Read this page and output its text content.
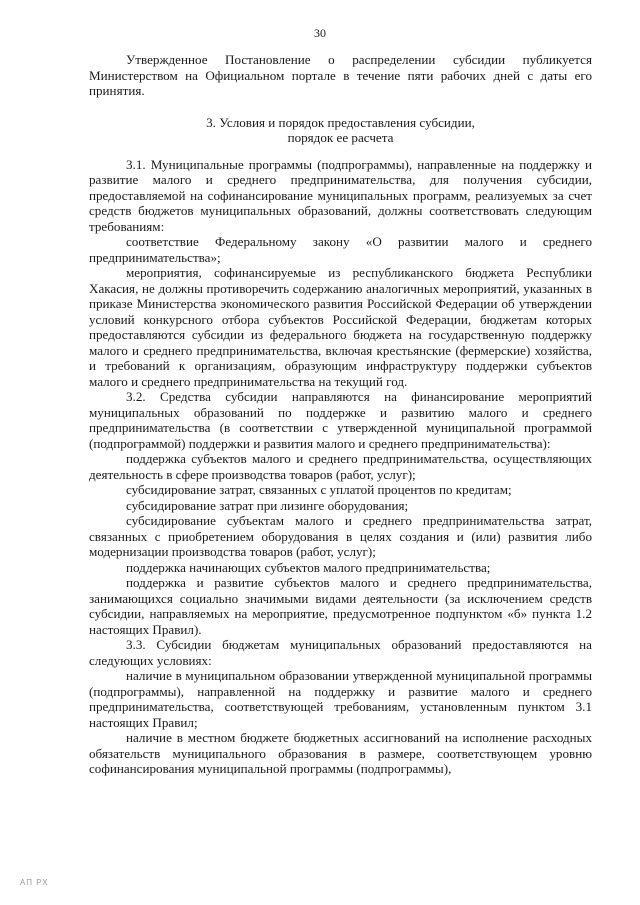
30

Утвержденное Постановление о распределении субсидии публикуется Министерством на Официальном портале в течение пяти рабочих дней с даты его принятия.

3. Условия и порядок предоставления субсидии,
порядок ее расчета

3.1. Муниципальные программы (подпрограммы), направленные на поддержку и развитие малого и среднего предпринимательства, для получения субсидии, предоставляемой на софинансирование муниципальных программ, реализуемых за счет средств бюджетов муниципальных образований, должны соответствовать следующим требованиям:

соответствие Федеральному закону «О развитии малого и среднего предпринимательства»;

мероприятия, софинансируемые из республиканского бюджета Республики Хакасия, не должны противоречить содержанию аналогичных мероприятий, указанных в приказе Министерства экономического развития Российской Федерации об утверждении условий конкурсного отбора субъектов Российской Федерации, бюджетам которых предоставляются субсидии из федерального бюджета на государственную поддержку малого и среднего предпринимательства, включая крестьянские (фермерские) хозяйства, и требований к организациям, образующим инфраструктуру поддержки субъектов малого и среднего предпринимательства на текущий год.

3.2. Средства субсидии направляются на финансирование мероприятий муниципальных образований по поддержке и развитию малого и среднего предпринимательства (в соответствии с утвержденной муниципальной программой (подпрограммой) поддержки и развития малого и среднего предпринимательства):

поддержка субъектов малого и среднего предпринимательства, осуществляющих деятельность в сфере производства товаров (работ, услуг);

субсидирование затрат, связанных с уплатой процентов по кредитам;

субсидирование затрат при лизинге оборудования;

субсидирование субъектам малого и среднего предпринимательства затрат, связанных с приобретением оборудования в целях создания и (или) развития либо модернизации производства товаров (работ, услуг);

поддержка начинающих субъектов малого предпринимательства;

поддержка и развитие субъектов малого и среднего предпринимательства, занимающихся социально значимыми видами деятельности (за исключением средств субсидии, направляемых на мероприятие, предусмотренное подпунктом «б» пункта 1.2 настоящих Правил).

3.3. Субсидии бюджетам муниципальных образований предоставляются на следующих условиях:

наличие в муниципальном образовании утвержденной муниципальной программы (подпрограммы), направленной на поддержку и развитие малого и среднего предпринимательства, соответствующей требованиям, установленным пунктом 3.1 настоящих Правил;

наличие в местном бюджете бюджетных ассигнований на исполнение расходных обязательств муниципального образования в размере, соответствующем уровню софинансирования муниципальной программы (подпрограммы),

АП РХ
